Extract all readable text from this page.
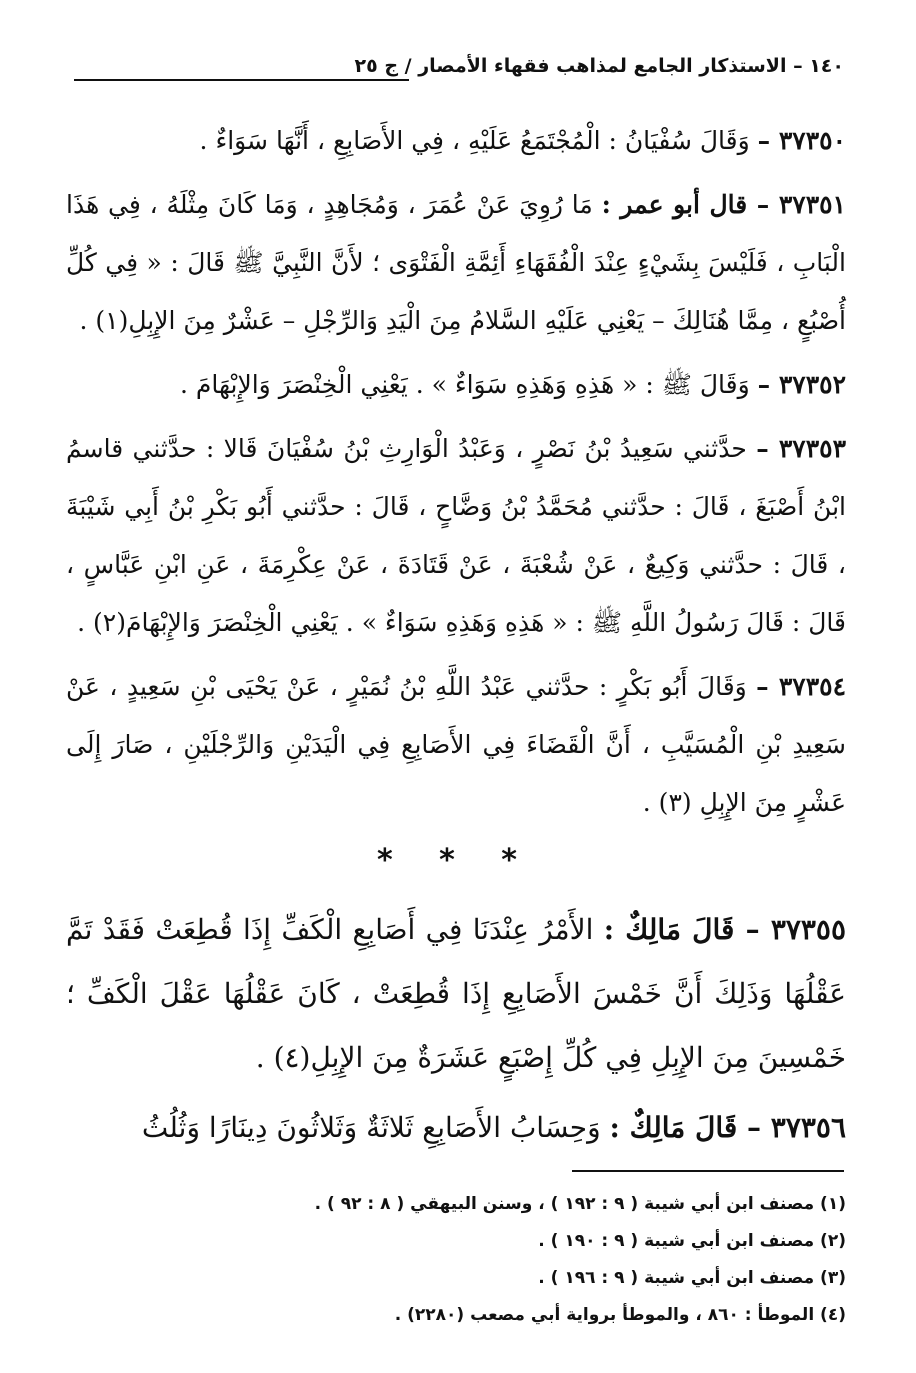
١٤٠ – الاستذكار الجامع لمذاهب فقهاء الأمصار / ج ٢٥

٣٧٣٥٠ – وَقَالَ سُفْيَانُ : الْمُجْتَمَعُ عَلَيْهِ ، فِي الأَصَابِعِ ، أَنَّهَا سَوَاءٌ .

٣٧٣٥١ – قال أبو عمر : مَا رُوِيَ عَنْ عُمَرَ ، وَمُجَاهِدٍ ، وَمَا كَانَ مِثْلَهُ ، فِي هَذَا الْبَابِ ، فَلَيْسَ بِشَيْءٍ عِنْدَ الْفُقَهَاءِ أَئِمَّةِ الْفَتْوَى ؛ لأَنَّ النَّبِيَّ ﷺ قَالَ : « فِي كُلِّ أُصْبُعٍ ، مِمَّا هُنَالِكَ – يَعْنِي عَلَيْهِ السَّلامُ مِنَ الْيَدِ وَالرِّجْلِ – عَشْرٌ مِنَ الإِبِلِ(١) .

٣٧٣٥٢ – وَقَالَ ﷺ : « هَذِهِ وَهَذِهِ سَوَاءٌ » . يَعْنِي الْخِنْصَرَ وَالإِبْهَامَ .

٣٧٣٥٣ – حدَّثني سَعِيدُ بْنُ نَصْرٍ ، وَعَبْدُ الْوَارِثِ بْنُ سُفْيَانَ قَالا : حدَّثني قاسمُ ابْنُ أَصْبَغَ ، قَالَ : حدَّثني مُحَمَّدُ بْنُ وَضَّاحٍ ، قَالَ : حدَّثني أَبُو بَكْرِ بْنُ أَبِي شَيْبَةَ ، قَالَ : حدَّثني وَكِيعٌ ، عَنْ شُعْبَةَ ، عَنْ قَتَادَةَ ، عَنْ عِكْرِمَةَ ، عَنِ ابْنِ عَبَّاسٍ ، قَالَ : قَالَ رَسُولُ اللَّهِ ﷺ : « هَذِهِ وَهَذِهِ سَوَاءٌ » . يَعْنِي الْخِنْصَرَ وَالإِبْهَامَ(٢) .

٣٧٣٥٤ – وَقَالَ أَبُو بَكْرٍ : حدَّثني عَبْدُ اللَّهِ بْنُ نُمَيْرٍ ، عَنْ يَحْيَى بْنِ سَعِيدٍ ، عَنْ سَعِيدِ بْنِ الْمُسَيَّبِ ، أَنَّ الْقَضَاءَ فِي الأَصَابِعِ فِي الْيَدَيْنِ وَالرِّجْلَيْنِ ، صَارَ إِلَى عَشْرٍ مِنَ الإِبِلِ (٣) .

* * *

٣٧٣٥٥ – قَالَ مَالِكٌ : الأَمْرُ عِنْدَنَا فِي أَصَابِعِ الْكَفِّ إِذَا قُطِعَتْ فَقَدْ تَمَّ عَقْلُهَا وَذَلِكَ أَنَّ خَمْسَ الأَصَابِعِ إِذَا قُطِعَتْ ، كَانَ عَقْلُهَا عَقْلَ الْكَفِّ ؛ خَمْسِينَ مِنَ الإِبِلِ فِي كُلِّ إِصْبَعٍ عَشَرَةٌ مِنَ الإِبِلِ(٤) .

٣٧٣٥٦ – قَالَ مَالِكٌ : وَحِسَابُ الأَصَابِعِ ثَلاثَةٌ وَثَلاثُونَ دِينَارًا وَثُلُثُ

(١) مصنف ابن أبي شيبة ( ٩ : ١٩٢ ) ، وسنن البيهقي ( ٨ : ٩٢ ) .
(٢) مصنف ابن أبي شيبة ( ٩ : ١٩٠ ) .
(٣) مصنف ابن أبي شيبة ( ٩ : ١٩٦ ) .
(٤) الموطأ : ٨٦٠ ، والموطأ برواية أبي مصعب (٢٢٨٠) .
